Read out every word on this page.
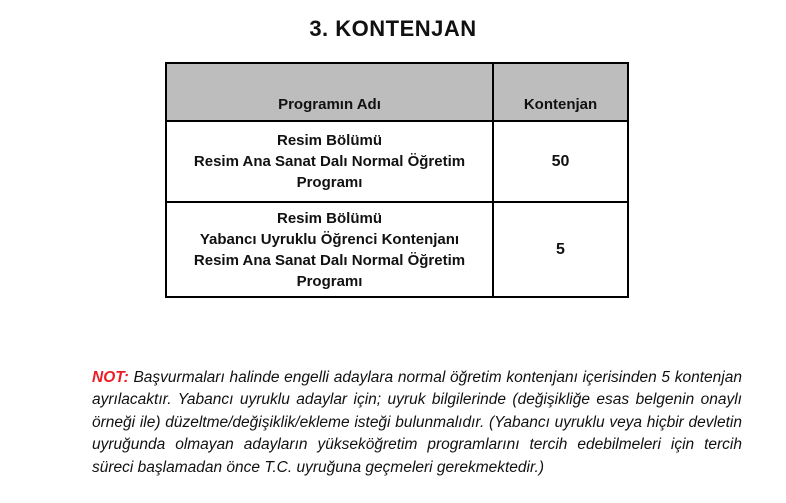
3. KONTENJAN
Programın Adı	Kontenjan

Resim Bölümü
Resim Ana Sanat Dalı Normal Öğretim
Programı	50

Resim Bölümü
Yabancı Uyruklu Öğrenci Kontenjanı
Resim Ana Sanat Dalı Normal Öğretim
Programı	5

NOT: Başvurmaları halinde engelli adaylara normal öğretim kontenjanı içerisinden 5 kontenjan ayrılacaktır. Yabancı uyruklu adaylar için; uyruk bilgilerinde (değişikliğe esas belgenin onaylı örneği ile) düzeltme/değişiklik/ekleme isteği bulunmalıdır. (Yabancı uyruklu veya hiçbir devletin uyruğunda olmayan adayların yükseköğretim programlarını tercih edebilmeleri için tercih süreci başlamadan önce T.C. uyruğuna geçmeleri gerekmektedir.)
